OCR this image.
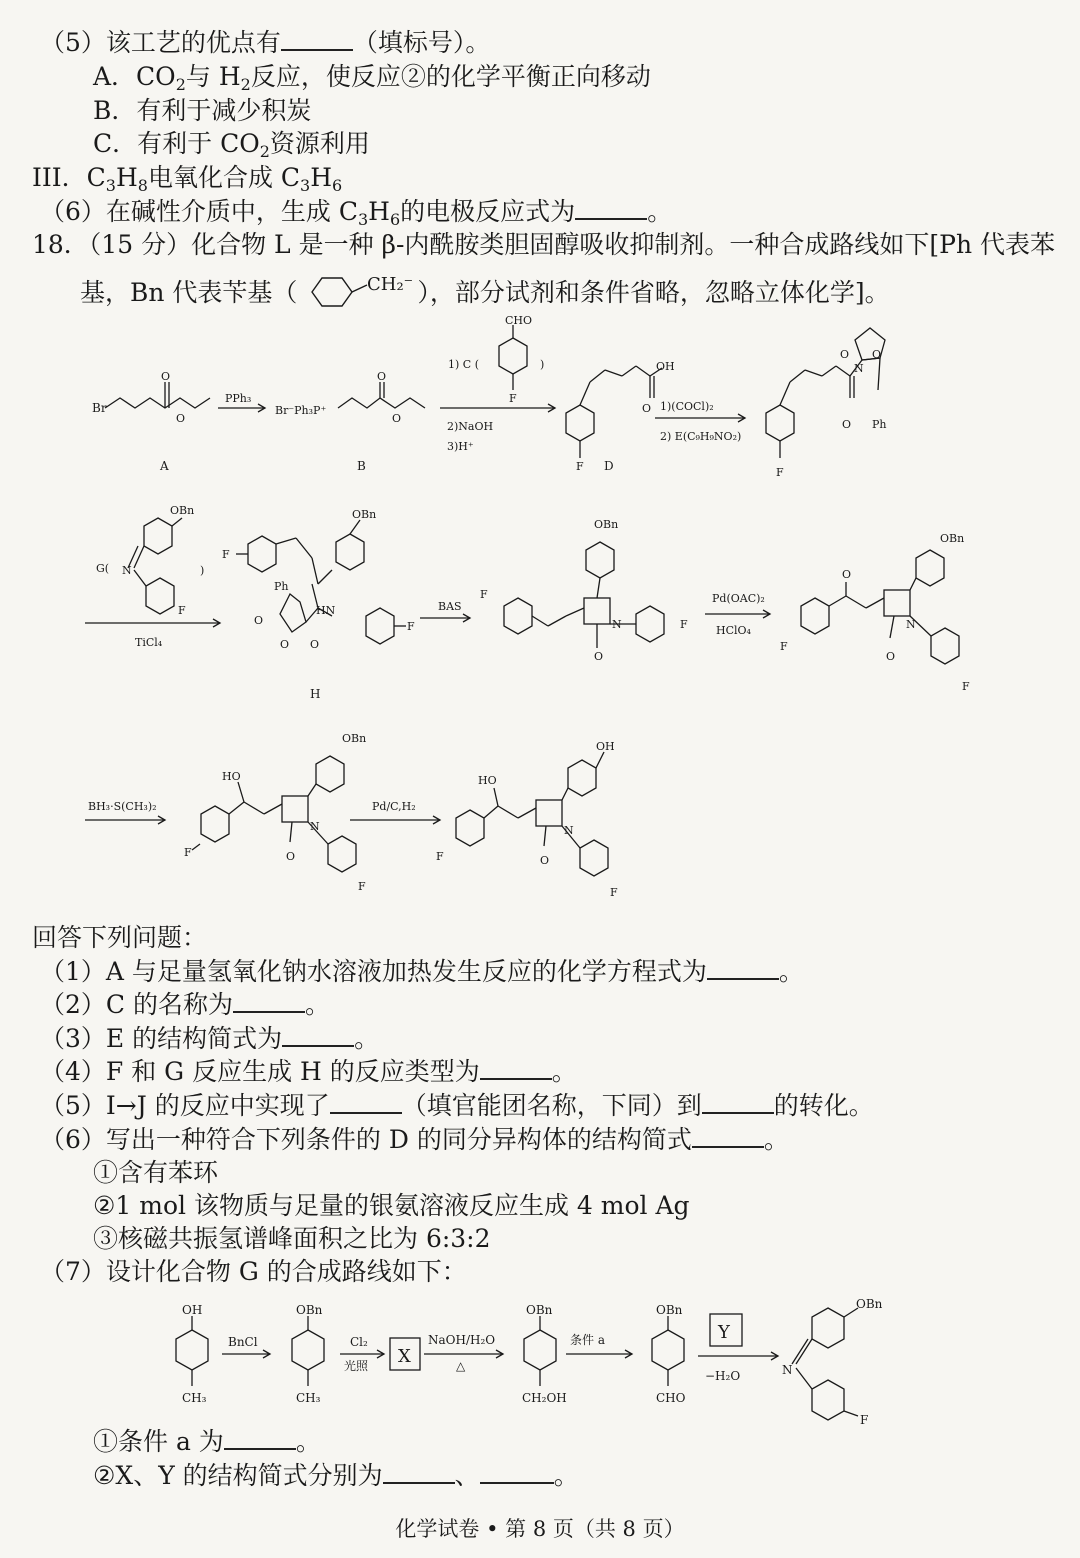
（5）该工艺的优点有	（填标号）。
A．$CO_2$与 $H_2$反应，使反应②的化学平衡正向移动
B．有利于减少积炭
C．有利于 $CO_2$资源利用
III．$C_3H_8$电氧化合成 $C_3H_6$
（6）在碱性介质中，生成 $C_3H_6$的电极反应式为	。
18．（15 分）化合物 L 是一种 β-内酰胺类胆固醇吸收抑制剂。一种合成路线如下[Ph 代表苯
基，Bn 代表苄基（	CH₂⁻ ），部分试剂和条件省略，忽略立体化学]。
Br
O
O
A
PPh₃
Br⁻Ph₃P⁺
O
O
B
CHO
1) C (	)
F
2)NaOH
3)H⁺
OH
O
F D
1)(COCl)₂
2) E(C₉H₉NO₂)
O O
N
O Ph
F
OBn
G( N	)
F
TiCl₄
F
OBn
Ph
O
HN
O O
F
H
BAS
F
OBn
N
O
F
Pd(OAC)₂
HClO₄
F
O
OBn
N
O
F
BH₃·S(CH₃)₂
HO
OBn
N
O
F
F
Pd/C,H₂
HO
OH
N
O
F
F
回答下列问题：
（1）A 与足量氢氧化钠水溶液加热发生反应的化学方程式为	。
（2）C 的名称为	。
（3）E 的结构简式为	。
（4）F 和 G 反应生成 H 的反应类型为	。
（5）I→J 的反应中实现了	（填官能团名称，下同）到	的转化。
（6）写出一种符合下列条件的 D 的同分异构体的结构简式	。
①含有苯环
②1 mol 该物质与足量的银氨溶液反应生成 4 mol Ag
③核磁共振氢谱峰面积之比为 6:3:2
（7）设计化合物 G 的合成路线如下：
OH
CH₃
BnCl
OBn
CH₃
Cl₂
光照 X
NaOH/H₂O
△
OBn
CH₂OH
条件 a
OBn
CHO
Y
−H₂O
OBn
N
F
①条件 a 为	。
②X、Y 的结构简式分别为	、	。
化学试卷 • 第 8 页（共 8 页）
